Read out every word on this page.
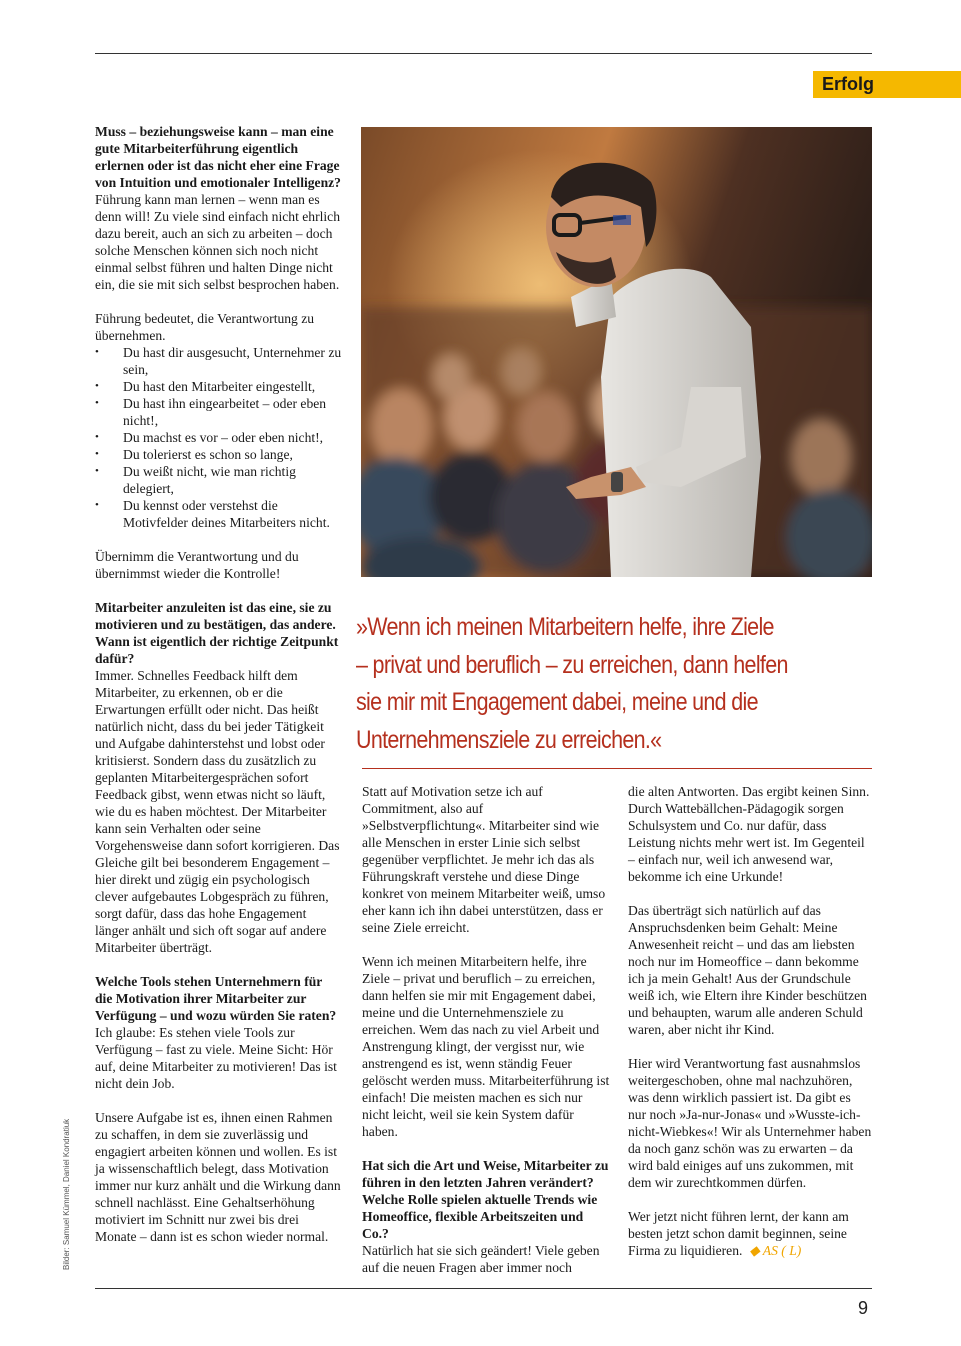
Erfolg

Muss – beziehungsweise kann – man eine gute Mitarbeiterführung eigentlich erlernen oder ist das nicht eher eine Frage von Intuition und emotionaler Intelligenz?

Führung kann man lernen – wenn man es denn will! Zu viele sind einfach nicht ehrlich dazu bereit, auch an sich zu arbeiten – doch solche Menschen können sich noch nicht einmal selbst führen und halten Dinge nicht ein, die sie mit sich selbst besprochen haben.

Führung bedeutet, die Verantwortung zu übernehmen.

• Du hast dir ausgesucht, Unternehmer zu sein,
• Du hast den Mitarbeiter eingestellt,
• Du hast ihn eingearbeitet – oder eben nicht!,
• Du machst es vor – oder eben nicht!,
• Du tolerierst es schon so lange,
• Du weißt nicht, wie man richtig delegiert,
• Du kennst oder verstehst die Motivfelder deines Mitarbeiters nicht.

Übernimm die Verantwortung und du übernimmst wieder die Kontrolle!

Mitarbeiter anzuleiten ist das eine, sie zu motivieren und zu bestätigen, das andere. Wann ist eigentlich der richtige Zeitpunkt dafür?

Immer. Schnelles Feedback hilft dem Mitarbeiter, zu erkennen, ob er die Erwartungen erfüllt oder nicht. Das heißt natürlich nicht, dass du bei jeder Tätigkeit und Aufgabe dahinterstehst und lobst oder kritisierst. Sondern dass du zusätzlich zu geplanten Mitarbeitergesprächen sofort Feedback gibst, wenn etwas nicht so läuft, wie du es haben möchtest. Der Mitarbeiter kann sein Verhalten oder seine Vorgehensweise dann sofort korrigieren. Das Gleiche gilt bei besonderem Engagement – hier direkt und zügig ein psychologisch clever aufgebautes Lobgespräch zu führen, sorgt dafür, dass das hohe Engagement länger anhält und sich oft sogar auf andere Mitarbeiter überträgt.

Welche Tools stehen Unternehmern für die Motivation ihrer Mitarbeiter zur Verfügung – und wozu würden Sie raten?

Ich glaube: Es stehen viele Tools zur Verfügung – fast zu viele. Meine Sicht: Hör auf, deine Mitarbeiter zu motivieren! Das ist nicht dein Job.

Unsere Aufgabe ist es, ihnen einen Rahmen zu schaffen, in dem sie zuverlässig und engagiert arbeiten können und wollen. Es ist ja wissenschaftlich belegt, dass Motivation immer nur kurz anhält und die Wirkung dann schnell nachlässt. Eine Gehaltserhöhung motiviert im Schnitt nur zwei bis drei Monate – dann ist es schon wieder normal.

»Wenn ich meinen Mitarbeitern helfe, ihre Ziele
– privat und beruflich – zu erreichen, dann helfen
sie mir mit Engagement dabei, meine und die
Unternehmensziele zu erreichen.«

Statt auf Motivation setze ich auf Commitment, also auf »Selbstverpflichtung«. Mitarbeiter sind wie alle Menschen in erster Linie sich selbst gegenüber verpflichtet. Je mehr ich das als Führungskraft verstehe und diese Dinge konkret von meinem Mitarbeiter weiß, umso eher kann ich ihn dabei unterstützen, dass er seine Ziele erreicht.

Wenn ich meinen Mitarbeitern helfe, ihre Ziele – privat und beruflich – zu erreichen, dann helfen sie mir mit Engagement dabei, meine und die Unternehmensziele zu erreichen. Wem das nach zu viel Arbeit und Anstrengung klingt, der vergisst nur, wie anstrengend es ist, wenn ständig Feuer gelöscht werden muss. Mitarbeiterführung ist einfach! Die meisten machen es sich nur nicht leicht, weil sie kein System dafür haben.

Hat sich die Art und Weise, Mitarbeiter zu führen in den letzten Jahren verändert? Welche Rolle spielen aktuelle Trends wie Homeoffice, flexible Arbeitszeiten und Co.?

Natürlich hat sie sich geändert! Viele geben auf die neuen Fragen aber immer noch

die alten Antworten. Das ergibt keinen Sinn. Durch Wattebällchen-Pädagogik sorgen Schulsystem und Co. nur dafür, dass Leistung nichts mehr wert ist. Im Gegenteil – einfach nur, weil ich anwesend war, bekomme ich eine Urkunde!

Das überträgt sich natürlich auf das Anspruchsdenken beim Gehalt: Meine Anwesenheit reicht – und das am liebsten noch nur im Homeoffice – dann bekomme ich ja mein Gehalt! Aus der Grundschule weiß ich, wie Eltern ihre Kinder beschützen und behaupten, warum alle anderen Schuld waren, aber nicht ihr Kind.

Hier wird Verantwortung fast ausnahmslos weitergeschoben, ohne mal nachzuhören, was denn wirklich passiert ist. Da gibt es nur noch »Ja-nur-Jonas« und »Wusste-ich-nicht-Wiebkes«! Wir als Unternehmer haben da noch ganz schön was zu erwarten – da wird bald einiges auf uns zukommen, mit dem wir zurechtkommen dürfen.

Wer jetzt nicht führen lernt, der kann am besten jetzt schon damit beginnen, seine Firma zu liquidieren. ◆ AS ( L)

Bilder: Samuel Kümmel, Daniel Kondratiuk
9
